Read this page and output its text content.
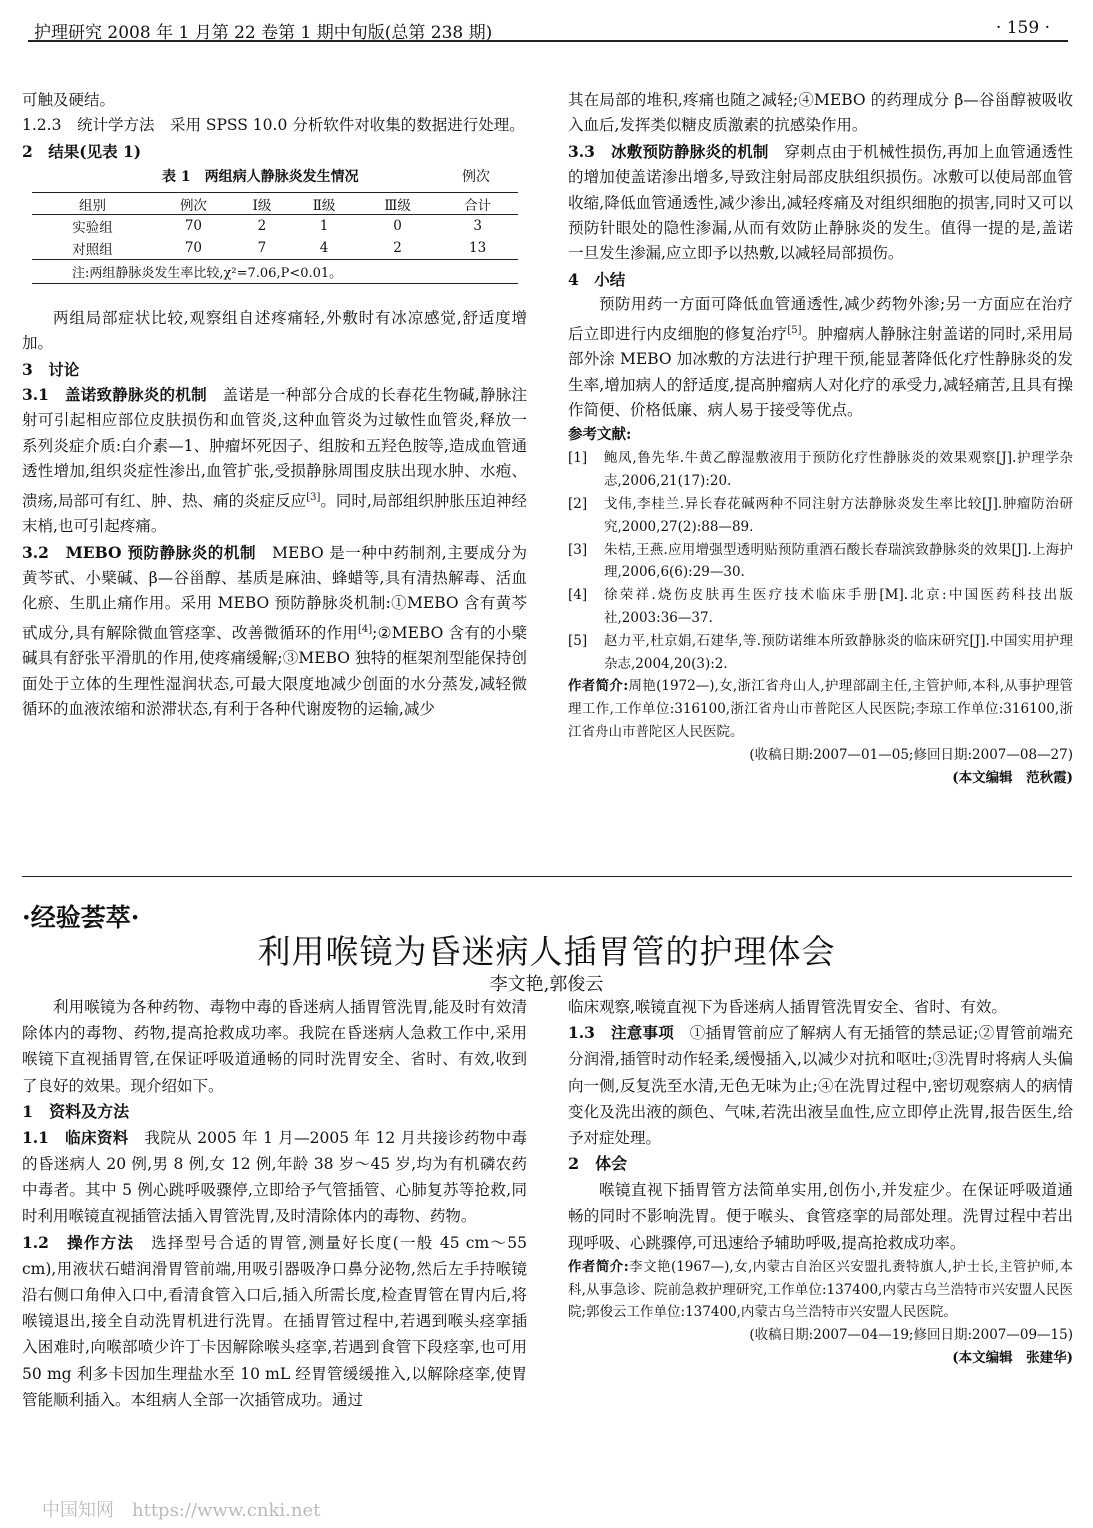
护理研究 2008 年 1 月第 22 卷第 1 期中旬版(总第 238 期)	· 159 ·
可触及硬结。
1.2.3　统计学方法　采用 SPSS 10.0 分析软件对收集的数据进行处理。
2　结果(见表 1)
表 1　两组病人静脉炎发生情况	例次
组别	例次	Ⅰ级	Ⅱ级	Ⅲ级	合计
实验组	70	2	1	0	3
对照组	70	7	4	2	13
注:两组静脉炎发生率比较,χ²=7.06,P<0.01。
两组局部症状比较,观察组自述疼痛轻,外敷时有冰凉感觉,舒适度增加。
3　讨论
3.1　盖诺致静脉炎的机制　盖诺是一种部分合成的长春花生物碱,静脉注射可引起相应部位皮肤损伤和血管炎,这种血管炎为过敏性血管炎,释放一系列炎症介质:白介素—1、肿瘤坏死因子、组胺和五羟色胺等,造成血管通透性增加,组织炎症性渗出,血管扩张,受损静脉周围皮肤出现水肿、水疱、溃疡,局部可有红、肿、热、痛的炎症反应[3]。同时,局部组织肿胀压迫神经末梢,也可引起疼痛。
3.2　MEBO 预防静脉炎的机制　MEBO 是一种中药制剂,主要成分为黄芩甙、小檗碱、β—谷甾醇、基质是麻油、蜂蜡等,具有清热解毒、活血化瘀、生肌止痛作用。采用 MEBO 预防静脉炎机制:①MEBO 含有黄芩甙成分,具有解除微血管痉挛、改善微循环的作用[4];②MEBO 含有的小檗碱具有舒张平滑肌的作用,使疼痛缓解;③MEBO 独特的框架剂型能保持创面处于立体的生理性湿润状态,可最大限度地减少创面的水分蒸发,减轻微循环的血液浓缩和淤滞状态,有利于各种代谢废物的运输,减少
其在局部的堆积,疼痛也随之减轻;④MEBO 的药理成分 β—谷甾醇被吸收入血后,发挥类似糖皮质激素的抗感染作用。
3.3　冰敷预防静脉炎的机制　穿刺点由于机械性损伤,再加上血管通透性的增加使盖诺渗出增多,导致注射局部皮肤组织损伤。冰敷可以使局部血管收缩,降低血管通透性,减少渗出,减轻疼痛及对组织细胞的损害,同时又可以预防针眼处的隐性渗漏,从而有效防止静脉炎的发生。值得一提的是,盖诺一旦发生渗漏,应立即予以热敷,以减轻局部损伤。
4　小结
预防用药一方面可降低血管通透性,减少药物外渗;另一方面应在治疗后立即进行内皮细胞的修复治疗[5]。肿瘤病人静脉注射盖诺的同时,采用局部外涂 MEBO 加冰敷的方法进行护理干预,能显著降低化疗性静脉炎的发生率,增加病人的舒适度,提高肿瘤病人对化疗的承受力,减轻痛苦,且具有操作简便、价格低廉、病人易于接受等优点。
参考文献:
[1]	鲍凤,鲁先华.牛黄乙醇湿敷液用于预防化疗性静脉炎的效果观察[J].护理学杂志,2006,21(17):20.
[2]	戈伟,李桂兰.异长春花碱两种不同注射方法静脉炎发生率比较[J].肿瘤防治研究,2000,27(2):88—89.
[3]	朱桔,王燕.应用增强型透明贴预防重酒石酸长春瑞滨致静脉炎的效果[J].上海护理,2006,6(6):29—30.
[4]	徐荣祥.烧伤皮肤再生医疗技术临床手册[M].北京:中国医药科技出版社,2003:36—37.
[5]	赵力平,杜京娟,石建华,等.预防诺维本所致静脉炎的临床研究[J].中国实用护理杂志,2004,20(3):2.
作者简介:周艳(1972—),女,浙江省舟山人,护理部副主任,主管护师,本科,从事护理管理工作,工作单位:316100,浙江省舟山市普陀区人民医院;李琼工作单位:316100,浙江省舟山市普陀区人民医院。
(收稿日期:2007—01—05;修回日期:2007—08—27)
(本文编辑　范秋霞)
·经验荟萃·
利用喉镜为昏迷病人插胃管的护理体会
李文艳,郭俊云
利用喉镜为各种药物、毒物中毒的昏迷病人插胃管洗胃,能及时有效清除体内的毒物、药物,提高抢救成功率。我院在昏迷病人急救工作中,采用喉镜下直视插胃管,在保证呼吸道通畅的同时洗胃安全、省时、有效,收到了良好的效果。现介绍如下。
1　资料及方法
1.1　临床资料　我院从 2005 年 1 月—2005 年 12 月共接诊药物中毒的昏迷病人 20 例,男 8 例,女 12 例,年龄 38 岁～45 岁,均为有机磷农药中毒者。其中 5 例心跳呼吸骤停,立即给予气管插管、心肺复苏等抢救,同时利用喉镜直视插管法插入胃管洗胃,及时清除体内的毒物、药物。
1.2　操作方法　选择型号合适的胃管,测量好长度(一般 45 cm～55 cm),用液状石蜡润滑胃管前端,用吸引器吸净口鼻分泌物,然后左手持喉镜沿右侧口角伸入口中,看清食管入口后,插入所需长度,检查胃管在胃内后,将喉镜退出,接全自动洗胃机进行洗胃。在插胃管过程中,若遇到喉头痉挛插入困难时,向喉部喷少许丁卡因解除喉头痉挛,若遇到食管下段痉挛,也可用 50 mg 利多卡因加生理盐水至 10 mL 经胃管缓缓推入,以解除痉挛,使胃管能顺利插入。本组病人全部一次插管成功。通过
临床观察,喉镜直视下为昏迷病人插胃管洗胃安全、省时、有效。
1.3　注意事项　①插胃管前应了解病人有无插管的禁忌证;②胃管前端充分润滑,插管时动作轻柔,缓慢插入,以减少对抗和呕吐;③洗胃时将病人头偏向一侧,反复洗至水清,无色无味为止;④在洗胃过程中,密切观察病人的病情变化及洗出液的颜色、气味,若洗出液呈血性,应立即停止洗胃,报告医生,给予对症处理。
2　体会
喉镜直视下插胃管方法简单实用,创伤小,并发症少。在保证呼吸道通畅的同时不影响洗胃。便于喉头、食管痉挛的局部处理。洗胃过程中若出现呼吸、心跳骤停,可迅速给予辅助呼吸,提高抢救成功率。
作者简介:李文艳(1967—),女,内蒙古自治区兴安盟扎赉特旗人,护士长,主管护师,本科,从事急诊、院前急救护理研究,工作单位:137400,内蒙古乌兰浩特市兴安盟人民医院;郭俊云工作单位:137400,内蒙古乌兰浩特市兴安盟人民医院。
(收稿日期:2007—04—19;修回日期:2007—09—15)
(本文编辑　张建华)
中国知网　https://www.cnki.net
